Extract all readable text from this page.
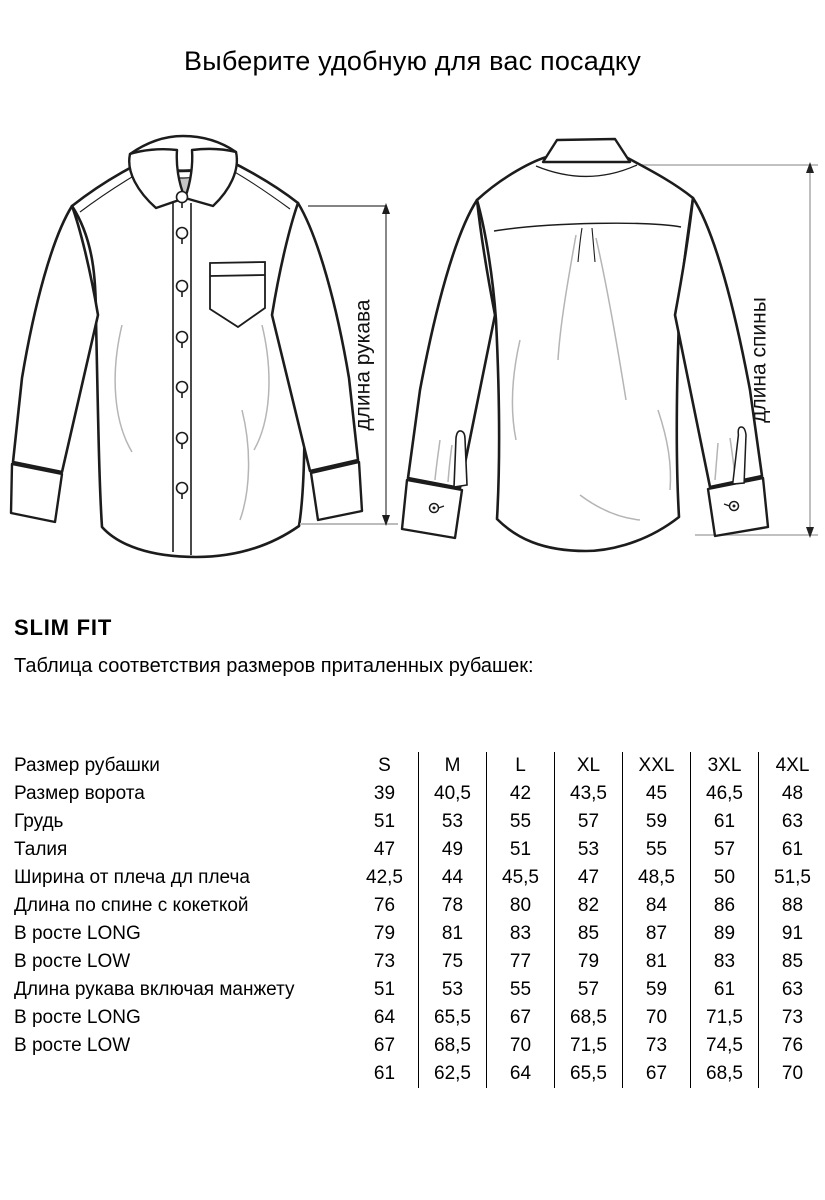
Выберите удобную для вас посадку
длина рукава	длина спины
SLIM FIT

Таблица соответствия размеров приталенных рубашек:

Размер рубашки	S	M	L	XL	XXL	3XL	4XL
Размер ворота	39	40,5	42	43,5	45	46,5	48
Грудь	51	53	55	57	59	61	63
Талия	47	49	51	53	55	57	61
Ширина от плеча дл плеча	42,5	44	45,5	47	48,5	50	51,5
Длина по спине с кокеткой	76	78	80	82	84	86	88
В росте LONG	79	81	83	85	87	89	91
В росте LOW	73	75	77	79	81	83	85
Длина рукава включая манжету	51	53	55	57	59	61	63
В росте LONG	64	65,5	67	68,5	70	71,5	73
В росте LOW	67	68,5	70	71,5	73	74,5	76
	61	62,5	64	65,5	67	68,5	70
